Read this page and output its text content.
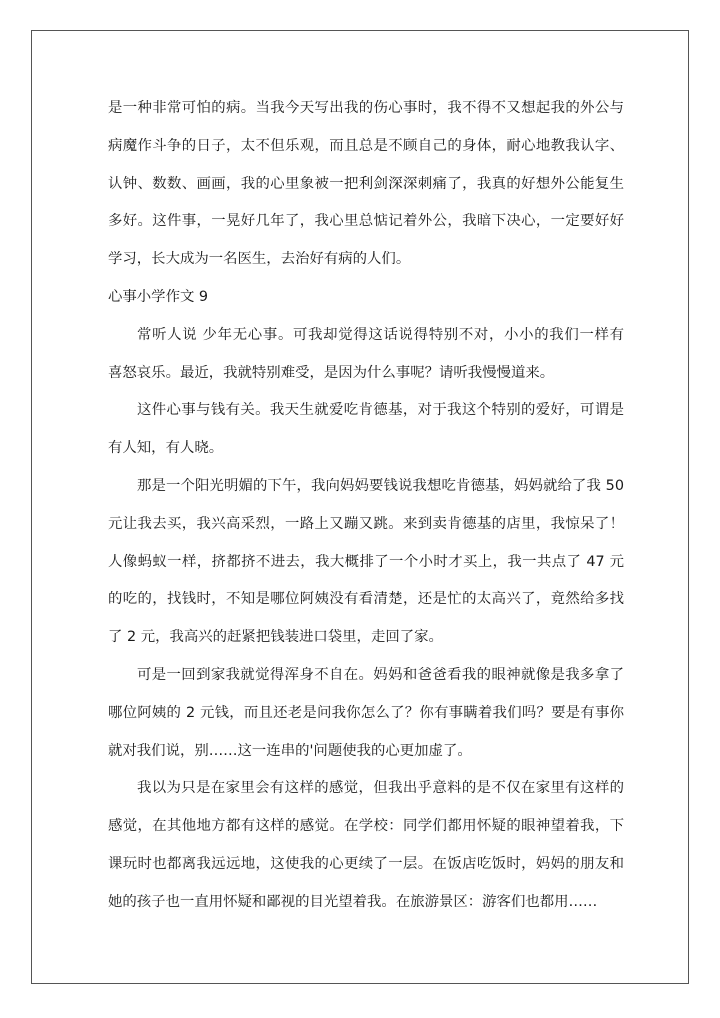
是一种非常可怕的病。当我今天写出我的伤心事时，我不得不又想起我的外公与
病魔作斗争的日子，太不但乐观，而且总是不顾自己的身体，耐心地教我认字、
认钟、数数、画画，我的心里象被一把利剑深深刺痛了，我真的好想外公能复生
多好。这件事，一晃好几年了，我心里总惦记着外公，我暗下决心，一定要好好
学习，长大成为一名医生，去治好有病的人们。
心事小学作文 9
常听人说 少年无心事。可我却觉得这话说得特别不对，小小的我们一样有
喜怒哀乐。最近，我就特别难受，是因为什么事呢？请听我慢慢道来。
这件心事与钱有关。我天生就爱吃肯德基，对于我这个特别的爱好，可谓是
有人知，有人晓。
那是一个阳光明媚的下午，我向妈妈要钱说我想吃肯德基，妈妈就给了我 50
元让我去买，我兴高采烈，一路上又蹦又跳。来到卖肯德基的店里，我惊呆了！
人像蚂蚁一样，挤都挤不进去，我大概排了一个小时才买上，我一共点了 47 元
的吃的，找钱时，不知是哪位阿姨没有看清楚，还是忙的太高兴了，竟然给多找
了 2 元，我高兴的赶紧把钱装进口袋里，走回了家。
可是一回到家我就觉得浑身不自在。妈妈和爸爸看我的眼神就像是我多拿了
哪位阿姨的 2 元钱，而且还老是问我你怎么了？你有事瞒着我们吗？要是有事你
就对我们说，别……这一连串的'问题使我的心更加虚了。
我以为只是在家里会有这样的感觉，但我出乎意料的是不仅在家里有这样的
感觉，在其他地方都有这样的感觉。在学校：同学们都用怀疑的眼神望着我，下
课玩时也都离我远远地，这使我的心更续了一层。在饭店吃饭时，妈妈的朋友和
她的孩子也一直用怀疑和鄙视的目光望着我。在旅游景区：游客们也都用……
